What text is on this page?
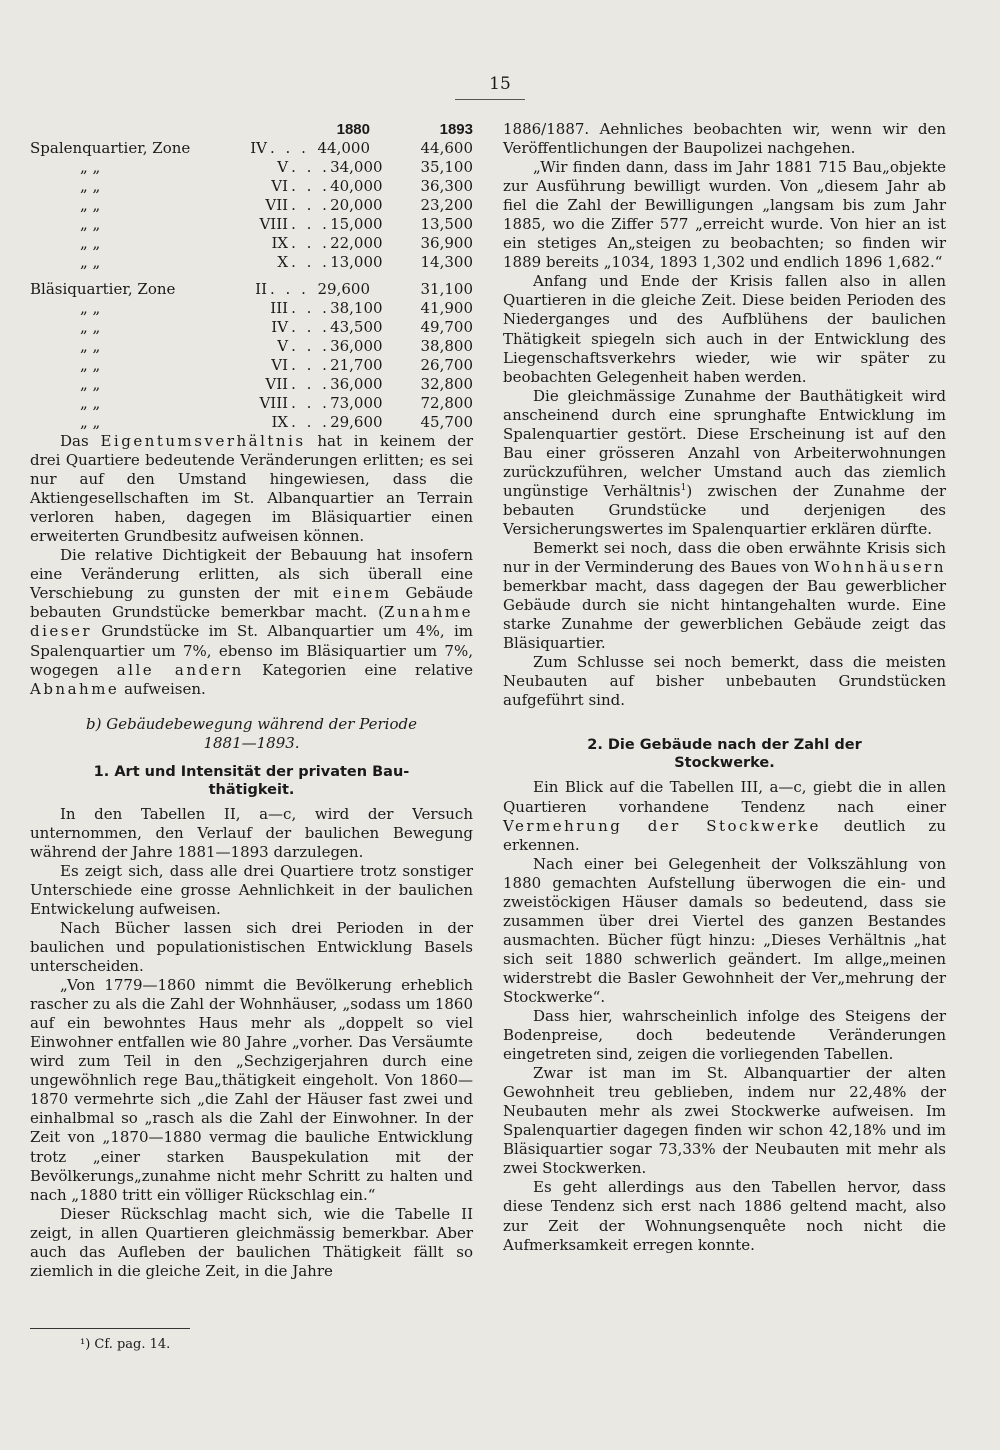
15
1880	1893
Spalenquartier, Zone	IV . . . 44,000	44,600
„ „	V . . . 34,000	35,100
„ „	VI . . . 40,000	36,300
„ „	VII . . . 20,000	23,200
„ „	VIII . . . 15,000	13,500
„ „	IX . . . 22,000	36,900
„ „	X . . . 13,000	14,300
Bläsiquartier, Zone	II . . . 29,600	31,100
„ „	III . . . 38,100	41,900
„ „	IV . . . 43,500	49,700
„ „	V . . . 36,000	38,800
„ „	VI . . . 21,700	26,700
„ „	VII . . . 36,000	32,800
„ „	VIII . . . 73,000	72,800
„ „	IX . . . 29,600	45,700

Das Eigentumsverhältnis hat in keinem der drei Quartiere bedeutende Veränderungen erlitten; es sei nur auf den Umstand hingewiesen, dass die Aktiengesellschaften im St. Albanquartier an Terrain verloren haben, dagegen im Bläsiquartier einen erweiterten Grundbesitz aufweisen können.

Die relative Dichtigkeit der Bebauung hat insofern eine Veränderung erlitten, als sich überall eine Verschiebung zu gunsten der mit einem Gebäude bebauten Grundstücke bemerkbar macht. (Zunahme dieser Grundstücke im St. Albanquartier um 4%, im Spalenquartier um 7%, ebenso im Bläsiquartier um 7%, wogegen alle andern Kategorien eine relative Abnahme aufweisen.

b) Gebäudebewegung während der Periode
1881—1893.
1. Art und Intensität der privaten Bau-
thätigkeit.

In den Tabellen II, a—c, wird der Versuch unternommen, den Verlauf der baulichen Bewegung während der Jahre 1881—1893 darzulegen.

Es zeigt sich, dass alle drei Quartiere trotz sonstiger Unterschiede eine grosse Aehnlichkeit in der baulichen Entwickelung aufweisen.

Nach Bücher lassen sich drei Perioden in der baulichen und populationistischen Entwicklung Basels unterscheiden.

„Von 1779—1860 nimmt die Bevölkerung erheblich rascher zu als die Zahl der Wohnhäuser, „sodass um 1860 auf ein bewohntes Haus mehr als „doppelt so viel Einwohner entfallen wie 80 Jahre „vorher. Das Versäumte wird zum Teil in den „Sechzigerjahren durch eine ungewöhnlich rege Bau„thätigkeit eingeholt. Von 1860—1870 vermehrte sich „die Zahl der Häuser fast zwei und einhalbmal so „rasch als die Zahl der Einwohner. In der Zeit von „1870—1880 vermag die bauliche Entwicklung trotz „einer starken Bauspekulation mit der Bevölkerungs„zunahme nicht mehr Schritt zu halten und nach „1880 tritt ein völliger Rückschlag ein.“

Dieser Rückschlag macht sich, wie die Tabelle II zeigt, in allen Quartieren gleichmässig bemerkbar. Aber auch das Aufleben der baulichen Thätigkeit fällt so ziemlich in die gleiche Zeit, in die Jahre

¹) Cf. pag. 14.

1886/1887. Aehnliches beobachten wir, wenn wir den Veröffentlichungen der Baupolizei nachgehen.

„Wir finden dann, dass im Jahr 1881 715 Bau„objekte zur Ausführung bewilligt wurden. Von „diesem Jahr ab fiel die Zahl der Bewilligungen „langsam bis zum Jahr 1885, wo die Ziffer 577 „erreicht wurde. Von hier an ist ein stetiges An„steigen zu beobachten; so finden wir 1889 bereits „1034, 1893 1,302 und endlich 1896 1,682.“

Anfang und Ende der Krisis fallen also in allen Quartieren in die gleiche Zeit. Diese beiden Perioden des Niederganges und des Aufblühens der baulichen Thätigkeit spiegeln sich auch in der Entwicklung des Liegenschaftsverkehrs wieder, wie wir später zu beobachten Gelegenheit haben werden.

Die gleichmässige Zunahme der Bauthätigkeit wird anscheinend durch eine sprunghafte Entwicklung im Spalenquartier gestört. Diese Erscheinung ist auf den Bau einer grösseren Anzahl von Arbeiterwohnungen zurückzuführen, welcher Umstand auch das ziemlich ungünstige Verhältnis$^1$) zwischen der Zunahme der bebauten Grundstücke und derjenigen des Versicherungswertes im Spalenquartier erklären dürfte.

Bemerkt sei noch, dass die oben erwähnte Krisis sich nur in der Verminderung des Baues von Wohnhäusern bemerkbar macht, dass dagegen der Bau gewerblicher Gebäude durch sie nicht hintangehalten wurde. Eine starke Zunahme der gewerblichen Gebäude zeigt das Bläsiquartier.

Zum Schlusse sei noch bemerkt, dass die meisten Neubauten auf bisher unbebauten Grundstücken aufgeführt sind.

2. Die Gebäude nach der Zahl der
Stockwerke.

Ein Blick auf die Tabellen III, a—c, giebt die in allen Quartieren vorhandene Tendenz nach einer Vermehrung der Stockwerke deutlich zu erkennen.

Nach einer bei Gelegenheit der Volkszählung von 1880 gemachten Aufstellung überwogen die ein- und zweistöckigen Häuser damals so bedeutend, dass sie zusammen über drei Viertel des ganzen Bestandes ausmachten. Bücher fügt hinzu: „Dieses Verhältnis „hat sich seit 1880 schwerlich geändert. Im allge„meinen widerstrebt die Basler Gewohnheit der Ver„mehrung der Stockwerke“.

Dass hier, wahrscheinlich infolge des Steigens der Bodenpreise, doch bedeutende Veränderungen eingetreten sind, zeigen die vorliegenden Tabellen.

Zwar ist man im St. Albanquartier der alten Gewohnheit treu geblieben, indem nur 22,48% der Neubauten mehr als zwei Stockwerke aufweisen. Im Spalenquartier dagegen finden wir schon 42,18% und im Bläsiquartier sogar 73,33% der Neubauten mit mehr als zwei Stockwerken.

Es geht allerdings aus den Tabellen hervor, dass diese Tendenz sich erst nach 1886 geltend macht, also zur Zeit der Wohnungsenquête noch nicht die Aufmerksamkeit erregen konnte.
